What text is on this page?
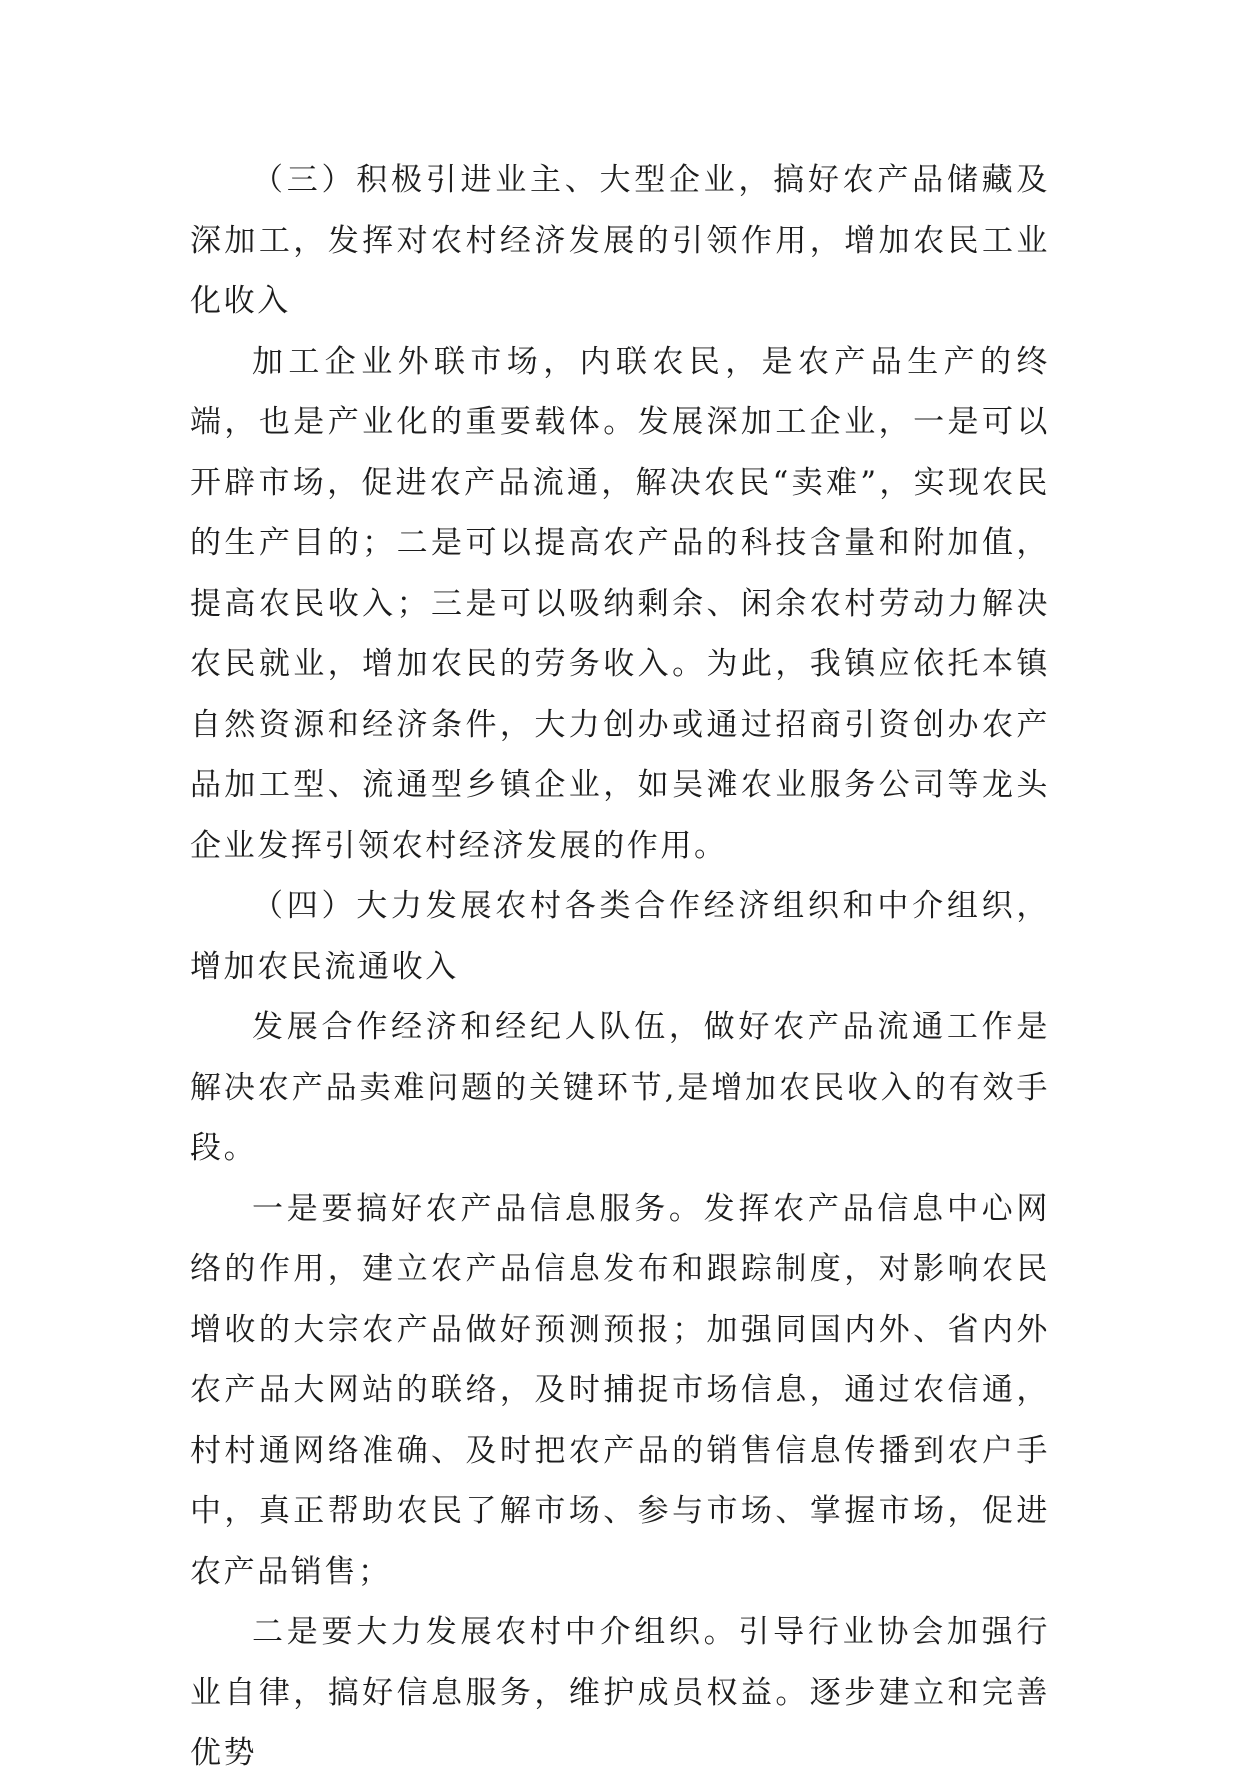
（三）积极引进业主、大型企业，搞好农产品储藏及深加工，发挥对农村经济发展的引领作用，增加农民工业化收入

加工企业外联市场，内联农民，是农产品生产的终端，也是产业化的重要载体。发展深加工企业，一是可以开辟市场，促进农产品流通，解决农民“卖难”，实现农民的生产目的；二是可以提高农产品的科技含量和附加值，提高农民收入；三是可以吸纳剩余、闲余农村劳动力解决农民就业，增加农民的劳务收入。为此，我镇应依托本镇自然资源和经济条件，大力创办或通过招商引资创办农产品加工型、流通型乡镇企业，如吴滩农业服务公司等龙头企业发挥引领农村经济发展的作用。

（四）大力发展农村各类合作经济组织和中介组织，增加农民流通收入

发展合作经济和经纪人队伍，做好农产品流通工作是解决农产品卖难问题的关键环节,是增加农民收入的有效手段。

一是要搞好农产品信息服务。发挥农产品信息中心网络的作用，建立农产品信息发布和跟踪制度，对影响农民增收的大宗农产品做好预测预报；加强同国内外、省内外农产品大网站的联络，及时捕捉市场信息，通过农信通，村村通网络准确、及时把农产品的销售信息传播到农户手中，真正帮助农民了解市场、参与市场、掌握市场，促进农产品销售；

二是要大力发展农村中介组织。引导行业协会加强行业自律，搞好信息服务，维护成员权益。逐步建立和完善优势
